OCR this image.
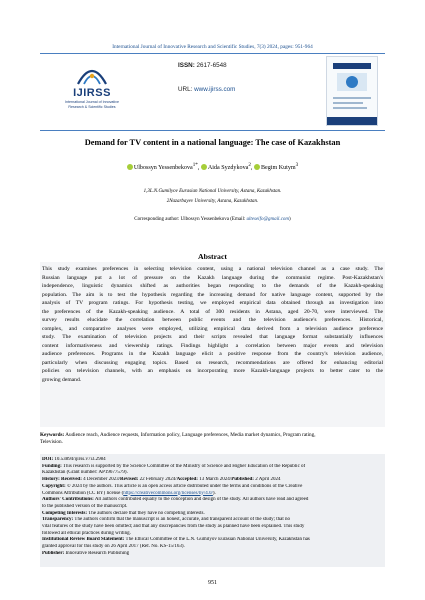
International Journal of Innovative Research and Scientific Studies, 7(3) 2024, pages: 951-964
IJIRSS
International Journal of Innovative
Research & Scientific Studies
ISSN: 2617-6548
URL: www.ijirss.com
Demand for TV content in a national language: The case of Kazakhstan
Ulbossyn Yessenbekova$^{1*}$, Aida Syzdykova$^2$, Begim Kutym$^3$
1,3L.N.Gumilyov Eurasian National University, Astana, Kazakhstan.
2Nazarbayev University, Astana, Kazakhstan.
Corresponding author: Ulbossyn Yessenbekova (Email: ulteseifo@gmail.com)
Abstract
This study examines preferences in selecting television content, using a national television channel as a case study. The
Russian language put a lot of pressure on the Kazakh language during the communist regime. Post-Kazakhstan's
independence, linguistic dynamics shifted as authorities began responding to the demands of the Kazakh-speaking
population. The aim is to test the hypothesis regarding the increasing demand for native language content, supported by the
analysis of TV program ratings. For hypothesis testing, we employed empirical data obtained through an investigation into
the preferences of the Kazakh-speaking audience. A total of 300 residents in Astana, aged 20-70, were interviewed. The
survey results elucidate the correlation between public events and the television audience's preferences. Historical,
complex, and comparative analyses were employed, utilizing empirical data derived from a television audience preference
study. The examination of television projects and their scripts revealed that language format substantially influences
content informativeness and viewership ratings. Findings highlight a correlation between major events and television
audience preferences. Programs in the Kazakh language elicit a positive response from the country's television audience,
particularly when discussing engaging topics. Based on research, recommendations are offered for enhancing editorial
policies on television channels, with an emphasis on incorporating more Kazakh-language projects to better cater to the
growing demand.
Keywords: Audience reach, Audience requests, Information policy, Language preferences, Media market dynamics, Program rating,
Television.
DOI: 10.53894/ijirss.v7i3.2984
Funding: This research is supported by the Science Committee of the Ministry of Science and Higher Education of the Republic of
Kazakhstan (Grant number: AP19677579).
History: Received: 4 December 2023/Revised: 22 February 2024/Accepted: 13 March 2024/Published: 2 April 2024
Copyright: © 2024 by the authors. This article is an open access article distributed under the terms and conditions of the Creative
Commons Attribution (CC BY) license (https://creativecommons.org/licenses/by/4.0/).
Authors' Contributions: All authors contributed equally to the conception and design of the study. All authors have read and agreed
to the published version of the manuscript.
Competing Interests: The authors declare that they have no competing interests.
Transparency: The authors confirm that the manuscript is an honest, accurate, and transparent account of the study; that no
vital features of the study have been omitted; and that any discrepancies from the study as planned have been explained. This study
followed all ethical practices during writing.
Institutional Review Board Statement: The Ethical Committee of the L.N. Gumilyov Eurasian National University, Kazakhstan has
granted approval for this study on 26 April 2017 (Ref. No. KS-15/163).
Publisher: Innovative Research Publishing
951
